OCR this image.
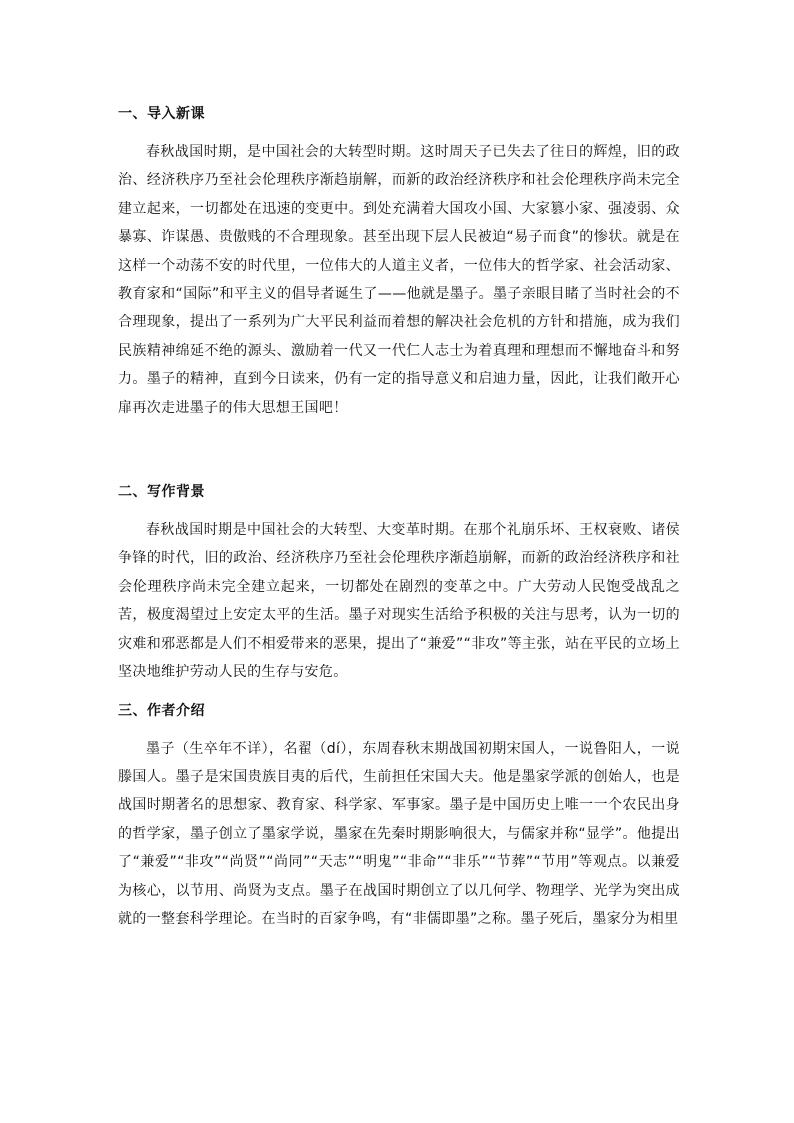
一、导入新课

春秋战国时期，是中国社会的大转型时期。这时周天子已失去了往日的辉煌，旧的政治、经济秩序乃至社会伦理秩序渐趋崩解，而新的政治经济秩序和社会伦理秩序尚未完全建立起来，一切都处在迅速的变更中。到处充满着大国攻小国、大家篡小家、强凌弱、众暴寡、诈谋愚、贵傲贱的不合理现象。甚至出现下层人民被迫“易子而食”的惨状。就是在这样一个动荡不安的时代里，一位伟大的人道主义者，一位伟大的哲学家、社会活动家、教育家和“国际”和平主义的倡导者诞生了——他就是墨子。墨子亲眼目睹了当时社会的不合理现象，提出了一系列为广大平民利益而着想的解决社会危机的方针和措施，成为我们民族精神绵延不绝的源头、激励着一代又一代仁人志士为着真理和理想而不懈地奋斗和努力。墨子的精神，直到今日读来，仍有一定的指导意义和启迪力量，因此，让我们敞开心扉再次走进墨子的伟大思想王国吧！

二、写作背景

春秋战国时期是中国社会的大转型、大变革时期。在那个礼崩乐坏、王权衰败、诸侯争锋的时代，旧的政治、经济秩序乃至社会伦理秩序渐趋崩解，而新的政治经济秩序和社会伦理秩序尚未完全建立起来，一切都处在剧烈的变革之中。广大劳动人民饱受战乱之苦，极度渴望过上安定太平的生活。墨子对现实生活给予积极的关注与思考，认为一切的灾难和邪恶都是人们不相爱带来的恶果，提出了“兼爱”“非攻”等主张，站在平民的立场上坚决地维护劳动人民的生存与安危。

三、作者介绍

墨子（生卒年不详），名翟（dí），东周春秋末期战国初期宋国人，一说鲁阳人，一说滕国人。墨子是宋国贵族目夷的后代，生前担任宋国大夫。他是墨家学派的创始人，也是战国时期著名的思想家、教育家、科学家、军事家。墨子是中国历史上唯一一个农民出身的哲学家，墨子创立了墨家学说，墨家在先秦时期影响很大，与儒家并称“显学”。他提出了“兼爱”“非攻”“尚贤”“尚同”“天志”“明鬼”“非命”“非乐”“节葬”“节用”等观点。以兼爱为核心，以节用、尚贤为支点。墨子在战国时期创立了以几何学、物理学、光学为突出成就的一整套科学理论。在当时的百家争鸣，有“非儒即墨”之称。墨子死后，墨家分为相里
